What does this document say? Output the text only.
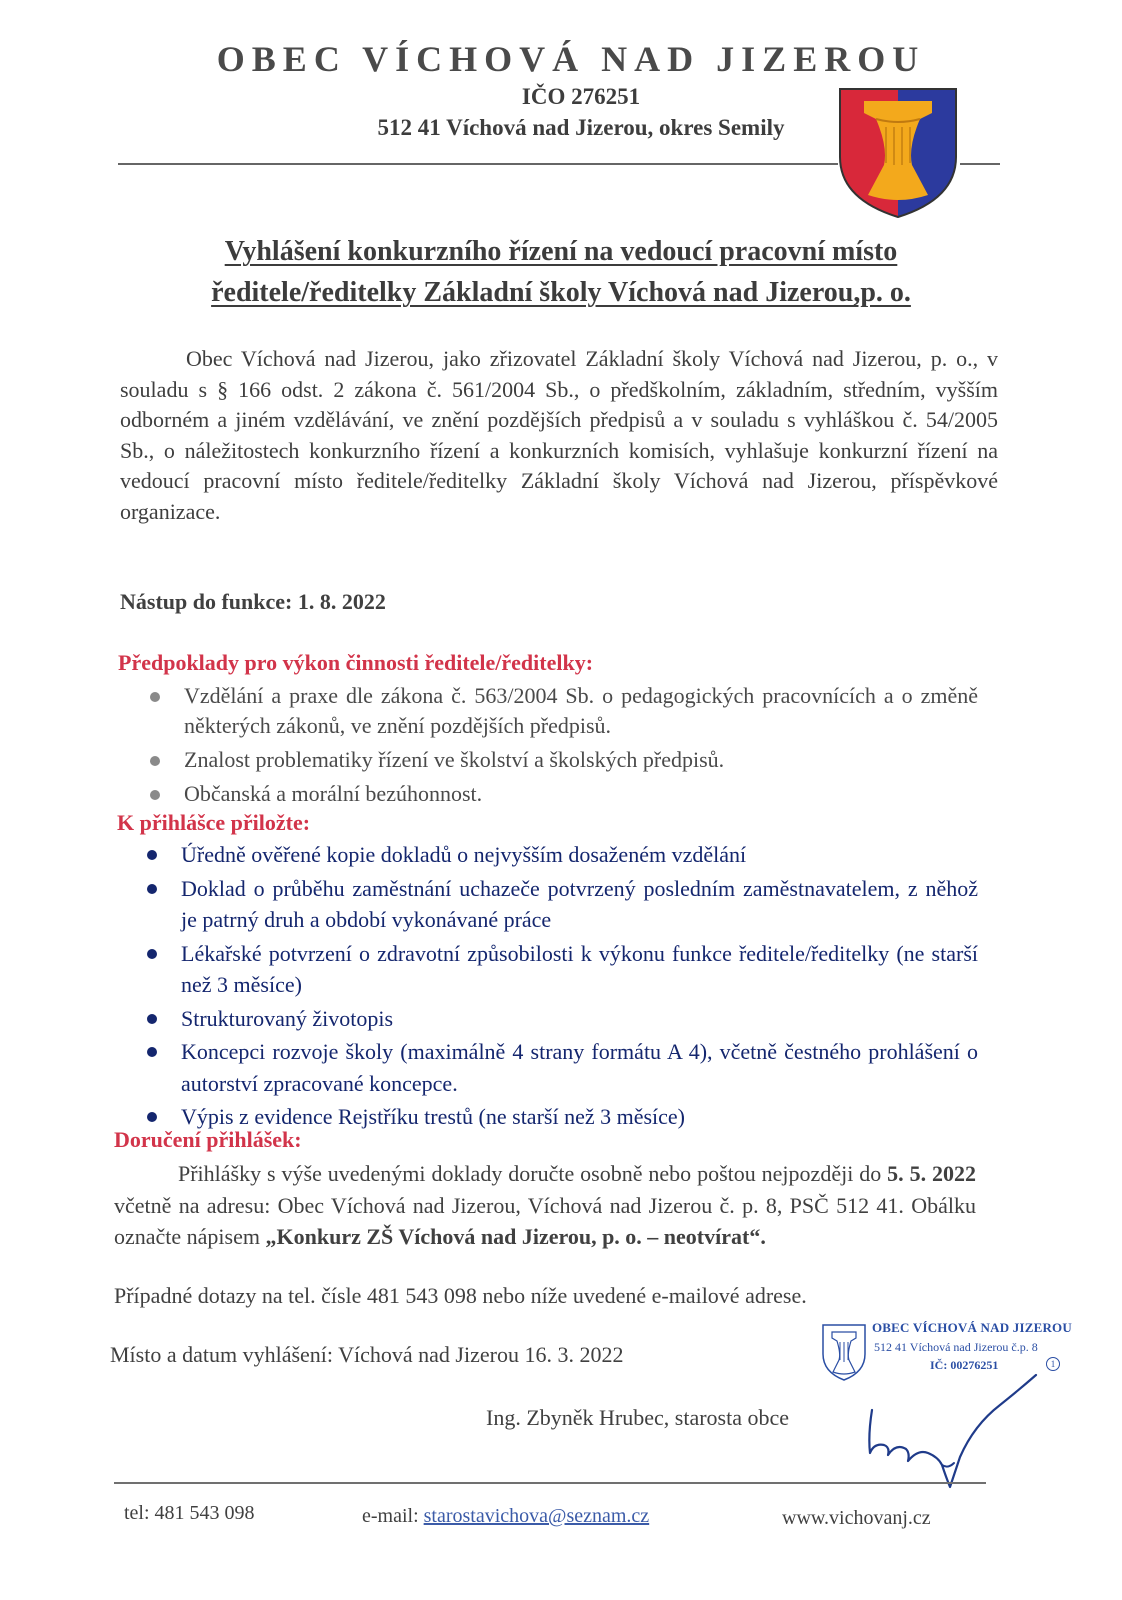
OBEC VÍCHOVÁ NAD JIZEROU
IČO 276251
512 41 Víchová nad Jizerou, okres Semily
Vyhlášení konkurzního řízení na vedoucí pracovní místo
ředitele/ředitelky Základní školy Víchová nad Jizerou,p. o.
Obec Víchová nad Jizerou, jako zřizovatel Základní školy Víchová nad Jizerou, p. o., v souladu s § 166 odst. 2 zákona č. 561/2004 Sb., o předškolním, základním, středním, vyšším odborném a jiném vzdělávání, ve znění pozdějších předpisů a v souladu s vyhláškou č. 54/2005 Sb., o náležitostech konkurzního řízení a konkurzních komisích, vyhlašuje konkurzní řízení na vedoucí pracovní místo ředitele/ředitelky Základní školy Víchová nad Jizerou, příspěvkové organizace.
Nástup do funkce: 1. 8. 2022
Předpoklady pro výkon činnosti ředitele/ředitelky:
Vzdělání a praxe dle zákona č. 563/2004 Sb. o pedagogických pracovnících a o změně některých zákonů, ve znění pozdějších předpisů.
Znalost problematiky řízení ve školství a školských předpisů.
Občanská a morální bezúhonnost.
K přihlášce přiložte:
Úředně ověřené kopie dokladů o nejvyšším dosaženém vzdělání
Doklad o průběhu zaměstnání uchazeče potvrzený posledním zaměstnavatelem, z něhož je patrný druh a období vykonávané práce
Lékařské potvrzení o zdravotní způsobilosti k výkonu funkce ředitele/ředitelky (ne starší než 3 měsíce)
Strukturovaný životopis
Koncepci rozvoje školy (maximálně 4 strany formátu A 4), včetně čestného prohlášení o autorství zpracované koncepce.
Výpis z evidence Rejstříku trestů (ne starší než 3 měsíce)
Doručení přihlášek:
Přihlášky s výše uvedenými doklady doručte osobně nebo poštou nejpozději do 5. 5. 2022 včetně na adresu: Obec Víchová nad Jizerou, Víchová nad Jizerou č. p. 8, PSČ 512 41. Obálku označte nápisem „Konkurz ZŠ Víchová nad Jizerou, p. o. – neotvírat“.
Případné dotazy na tel. čísle 481 543 098 nebo níže uvedené e-mailové adrese.
Místo a datum vyhlášení: Víchová nad Jizerou 16. 3. 2022
OBEC VÍCHOVÁ NAD JIZEROU
512 41 Víchová nad Jizerou č.p. 8
IČ: 00276251	1
Ing. Zbyněk Hrubec, starosta obce
tel: 481 543 098	e-mail: starostavichova@seznam.cz	www.vichovanj.cz
